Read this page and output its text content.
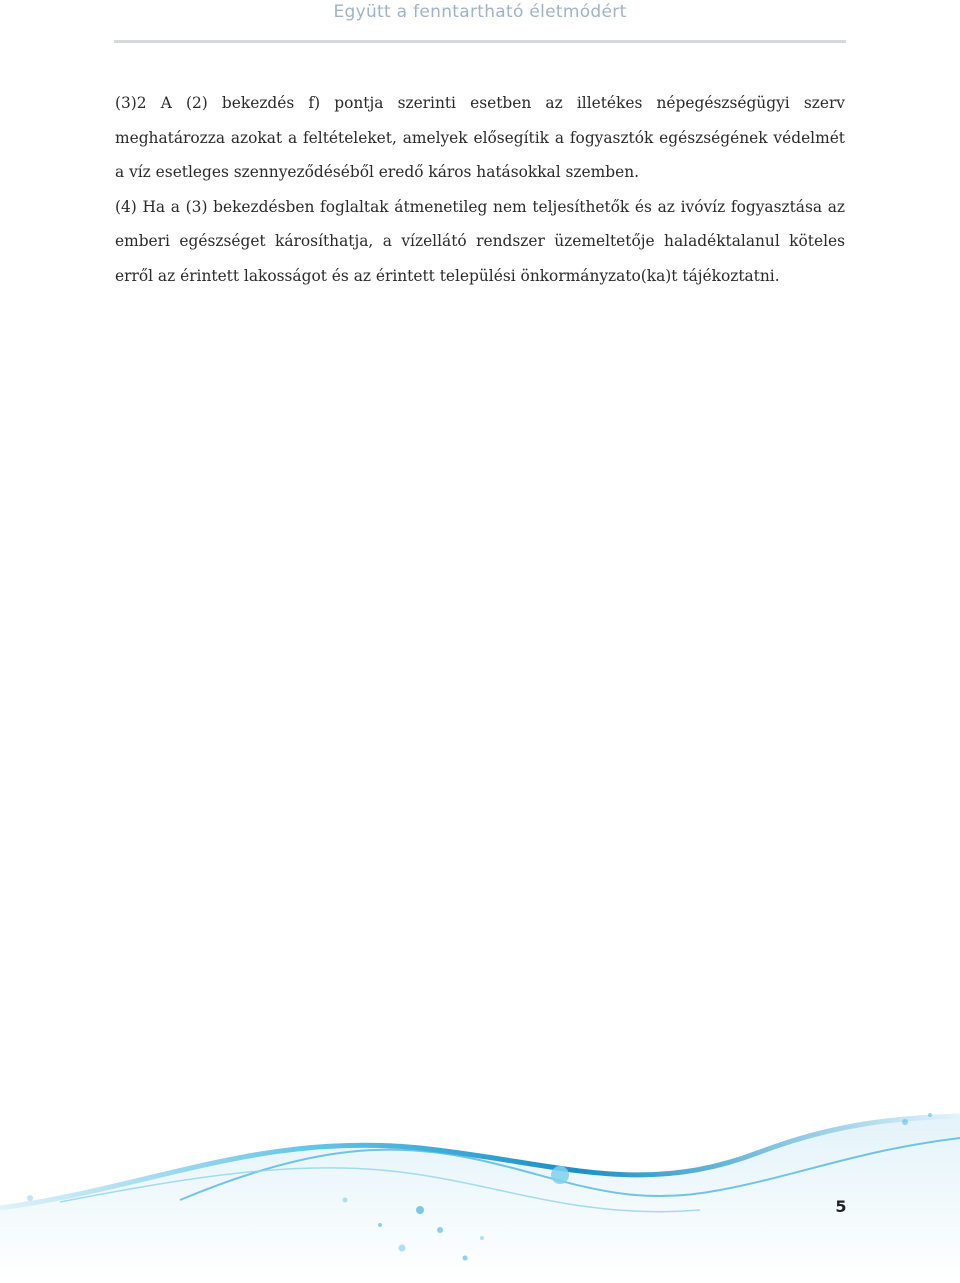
Együtt a fenntartható életmódért

(3)2 A (2) bekezdés f) pontja szerinti esetben az illetékes népegészségügyi szerv meghatározza azokat a feltételeket, amelyek elősegítik a fogyasztók egészségének védelmét a víz esetleges szennyeződéséből eredő káros hatásokkal szemben.

(4) Ha a (3) bekezdésben foglaltak átmenetileg nem teljesíthetők és az ivóvíz fogyasztása az emberi egészséget károsíthatja, a vízellátó rendszer üzemeltetője haladéktalanul köteles erről az érintett lakosságot és az érintett települési önkormányzato(ka)t tájékoztatni.

5
